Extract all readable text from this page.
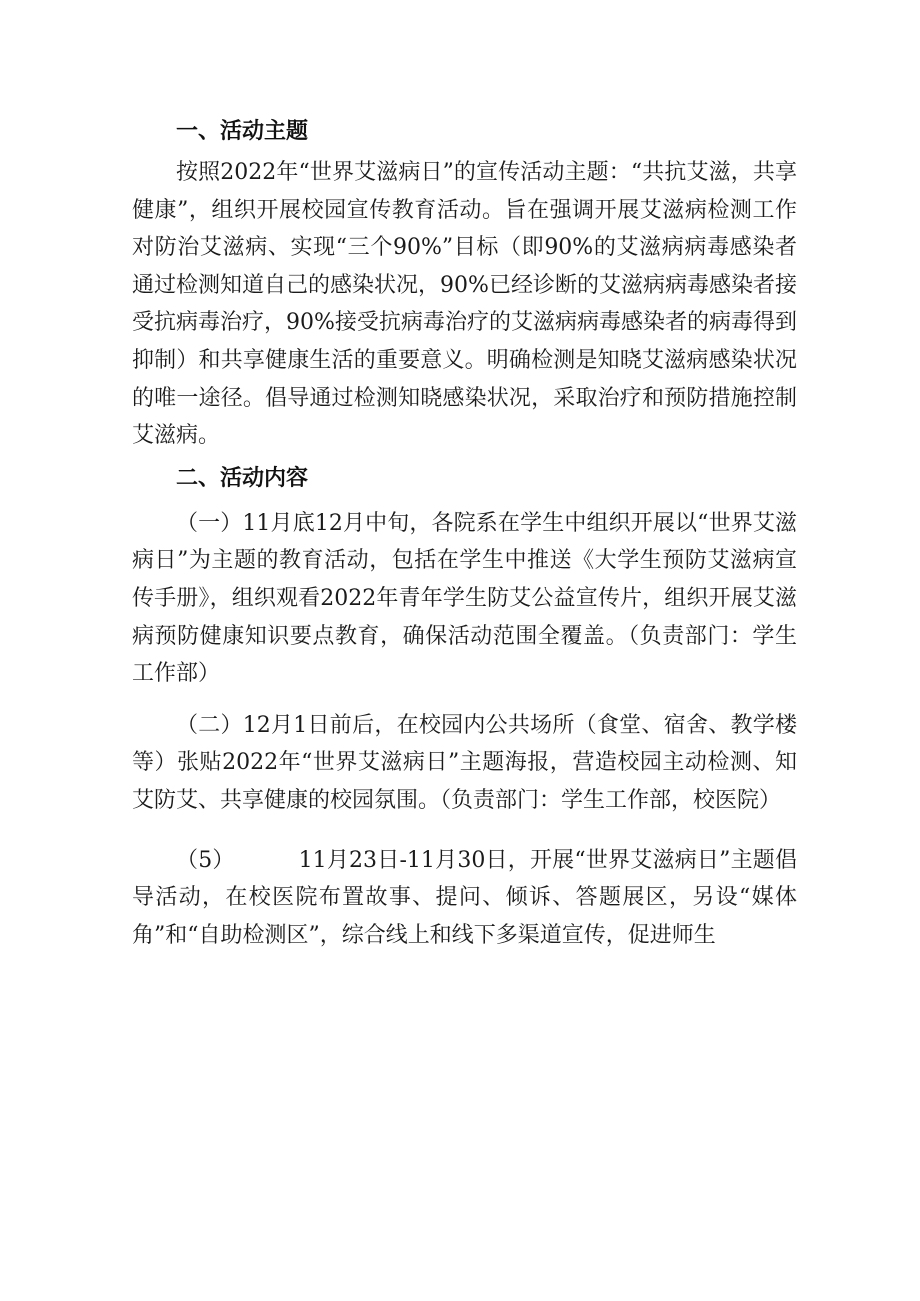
一、活动主题

按照2022年“世界艾滋病日”的宣传活动主题：“共抗艾滋，共享健康”，组织开展校园宣传教育活动。旨在强调开展艾滋病检测工作对防治艾滋病、实现“三个90%”目标（即90%的艾滋病病毒感染者通过检测知道自己的感染状况，90%已经诊断的艾滋病病毒感染者接受抗病毒治疗，90%接受抗病毒治疗的艾滋病病毒感染者的病毒得到抑制）和共享健康生活的重要意义。明确检测是知晓艾滋病感染状况的唯一途径。倡导通过检测知晓感染状况，采取治疗和预防措施控制艾滋病。

二、活动内容

（一）11月底12月中旬，各院系在学生中组织开展以“世界艾滋病日”为主题的教育活动，包括在学生中推送《大学生预防艾滋病宣传手册》，组织观看2022年青年学生防艾公益宣传片，组织开展艾滋病预防健康知识要点教育，确保活动范围全覆盖。（负责部门：学生工作部）

（二）12月1日前后，在校园内公共场所（食堂、宿舍、教学楼等）张贴2022年“世界艾滋病日”主题海报，营造校园主动检测、知艾防艾、共享健康的校园氛围。（负责部门：学生工作部，校医院）

（5）	11月23日-11月30日，开展“世界艾滋病日”主题倡导活动，在校医院布置故事、提问、倾诉、答题展区，另设“媒体角”和“自助检测区”，综合线上和线下多渠道宣传，促进师生
